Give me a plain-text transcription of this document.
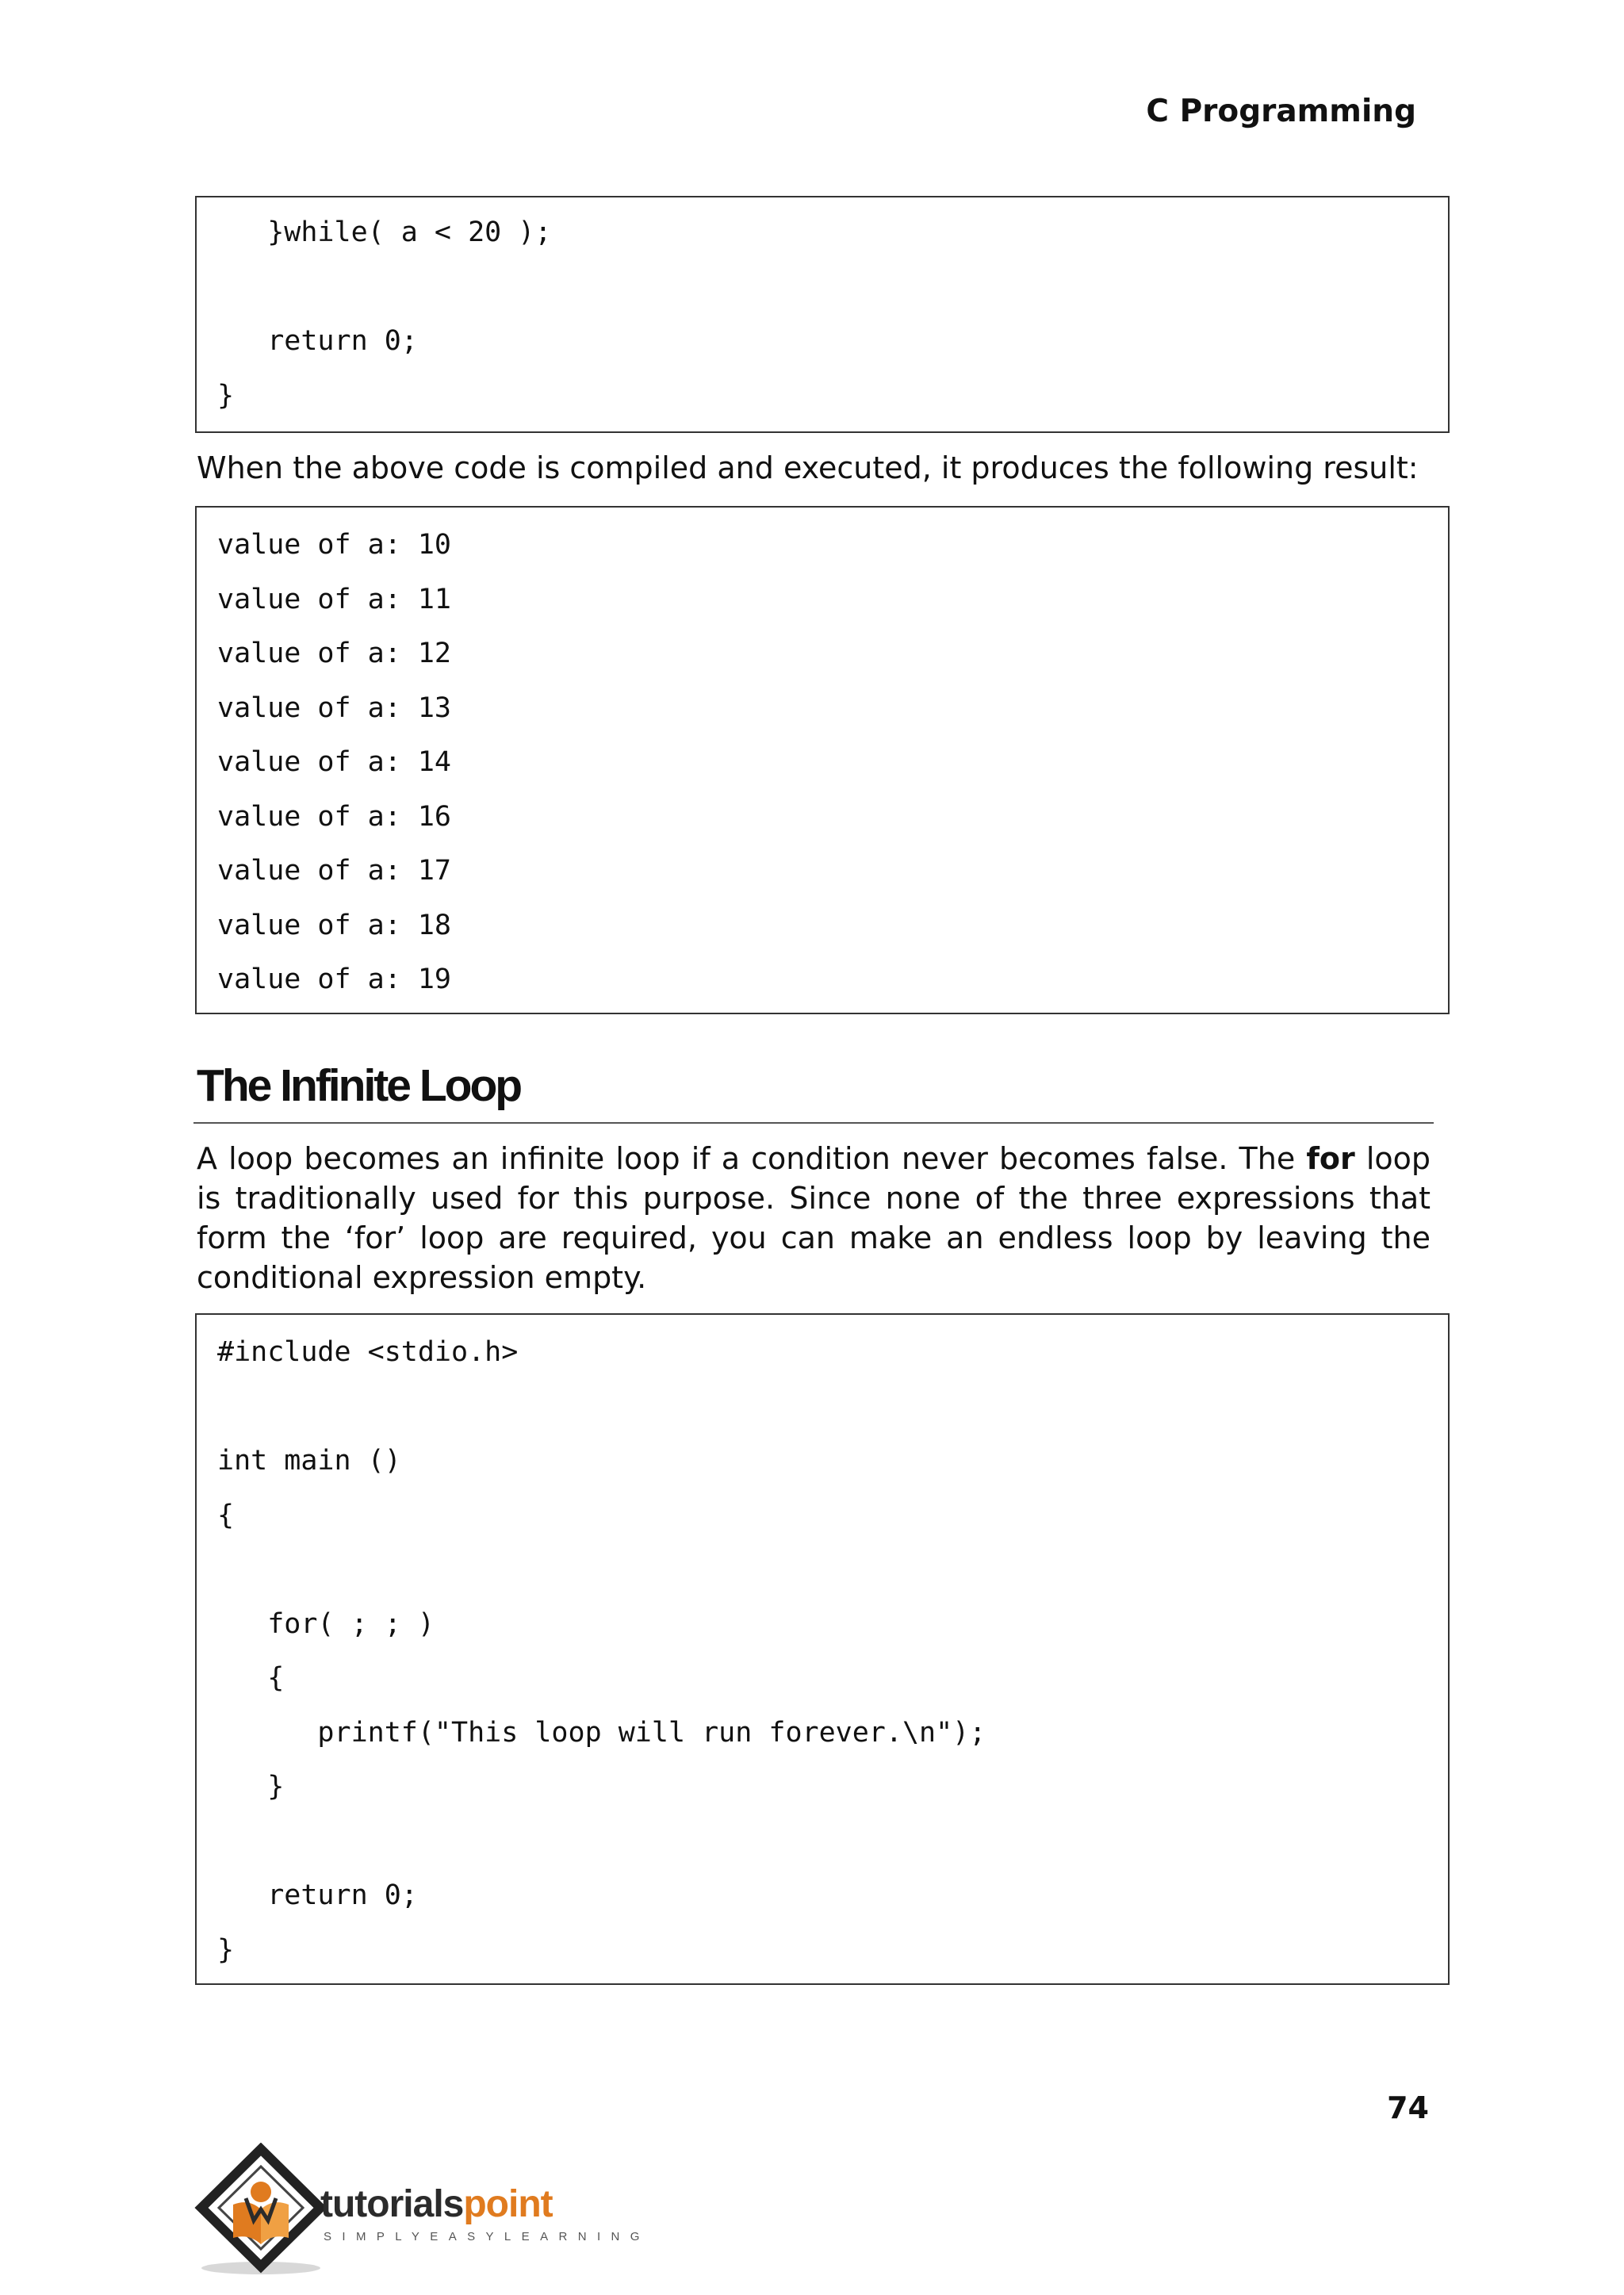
C Programming
}while( a < 20 );

return 0;
}

When the above code is compiled and executed, it produces the following result:

value of a: 10
value of a: 11
value of a: 12
value of a: 13
value of a: 14
value of a: 16
value of a: 17
value of a: 18
value of a: 19
The Infinite Loop

A loop becomes an infinite loop if a condition never becomes false. The for loop is traditionally used for this purpose. Since none of the three expressions that form the ‘for’ loop are required, you can make an endless loop by leaving the conditional expression empty.

#include <stdio.h>

int main ()
{

for( ; ; )
{
printf("This loop will run forever.\n");
}

return 0;
}
74
tutorialspoint
SIMPLYEASYLEARNING
